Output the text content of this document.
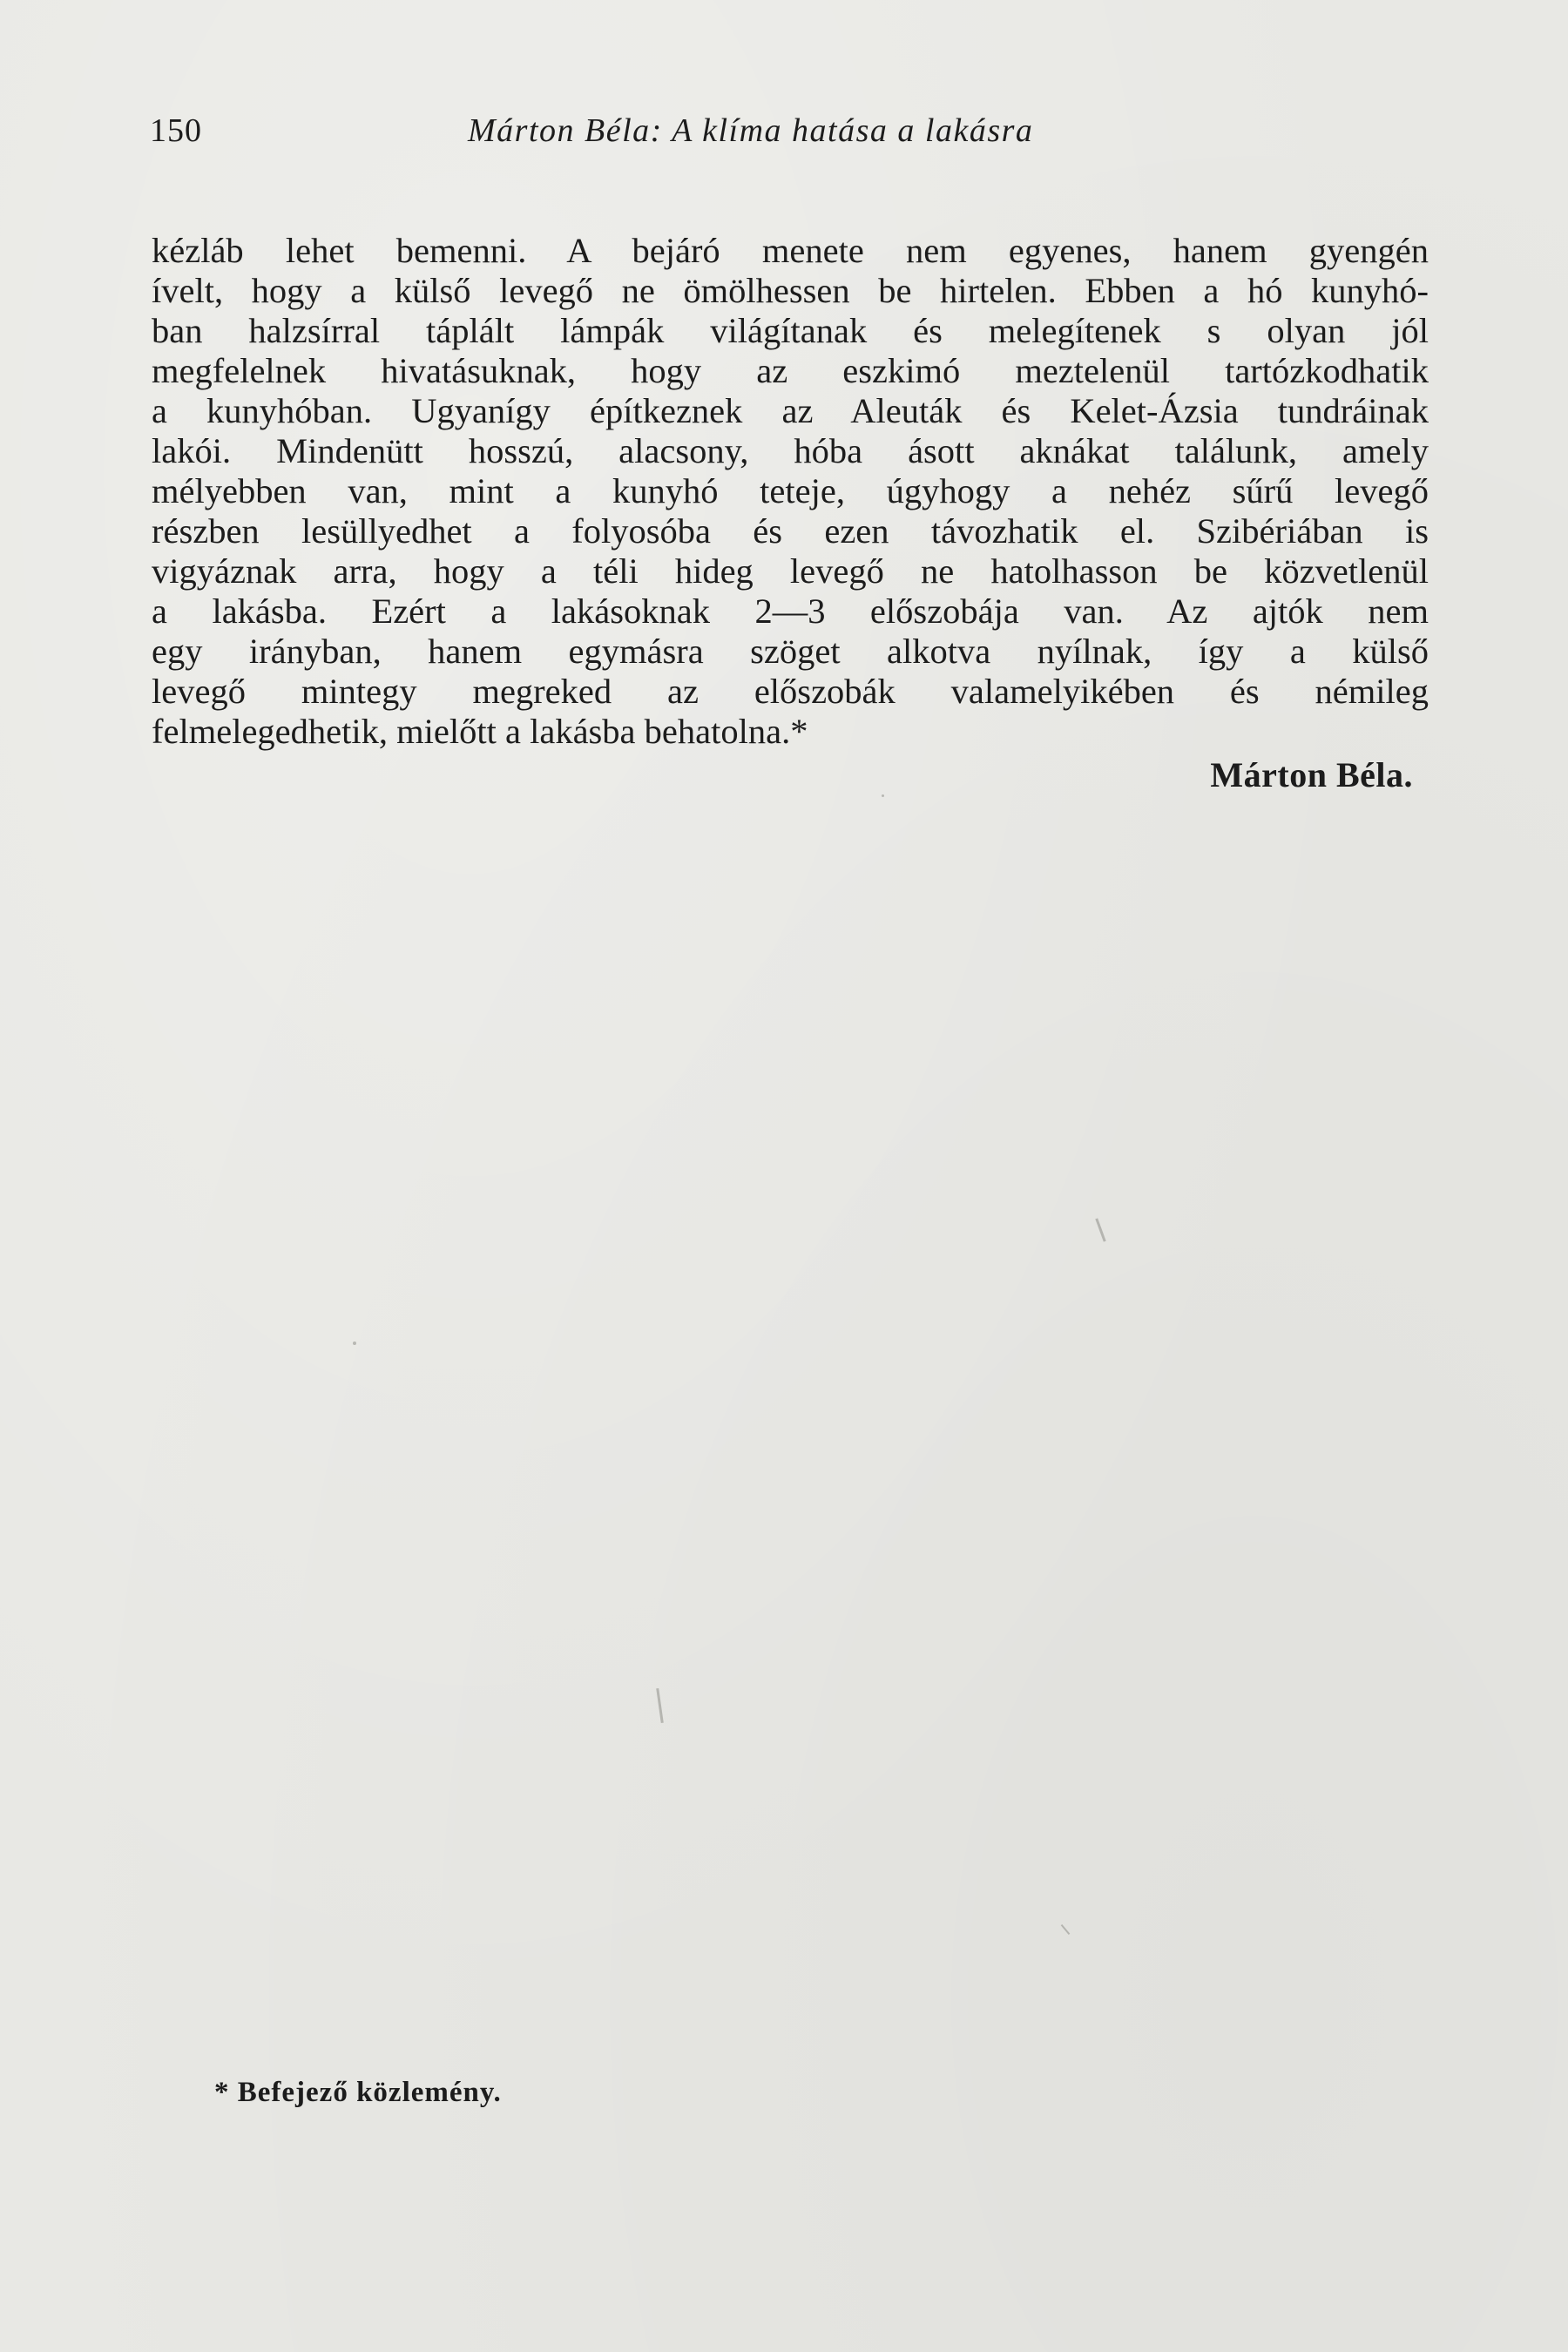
150	Márton Béla: A klíma hatása a lakásra
kézláb lehet bemenni. A bejáró menete nem egyenes, hanem gyengén
ívelt, hogy a külső levegő ne ömölhessen be hirtelen. Ebben a hó kunyhó-
ban halzsírral táplált lámpák világítanak és melegítenek s olyan jól
megfelelnek hivatásuknak, hogy az eszkimó meztelenül tartózkodhatik
a kunyhóban. Ugyanígy építkeznek az Aleuták és Kelet-Ázsia tundráinak
lakói. Mindenütt hosszú, alacsony, hóba ásott aknákat találunk, amely
mélyebben van, mint a kunyhó teteje, úgyhogy a nehéz sűrű levegő
részben lesüllyedhet a folyosóba és ezen távozhatik el. Szibériában is
vigyáznak arra, hogy a téli hideg levegő ne hatolhasson be közvetlenül
a lakásba. Ezért a lakásoknak 2—3 előszobája van. Az ajtók nem
egy irányban, hanem egymásra szöget alkotva nyílnak, így a külső
levegő mintegy megreked az előszobák valamelyikében és némileg
felmelegedhetik, mielőtt a lakásba behatolna.*
Márton Béla.
* Befejező közlemény.
